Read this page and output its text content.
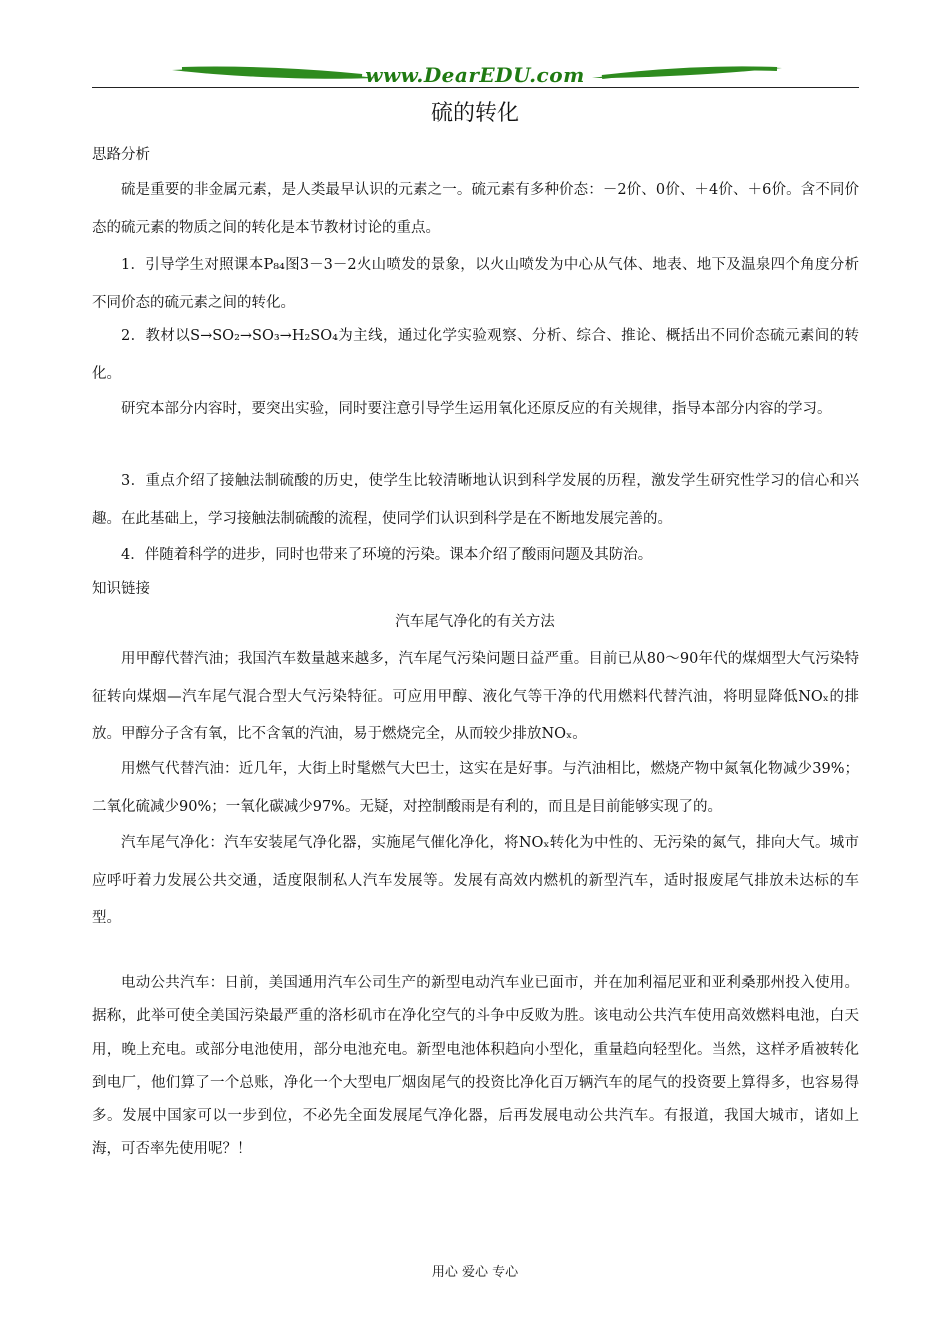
www.DearEDU.com
硫的转化
思路分析

硫是重要的非金属元素，是人类最早认识的元素之一。硫元素有多种价态：－2价、0价、＋4价、＋6价。含不同价态的硫元素的物质之间的转化是本节教材讨论的重点。

1．引导学生对照课本P₈₄图3－3－2火山喷发的景象，以火山喷发为中心从气体、地表、地下及温泉四个角度分析不同价态的硫元素之间的转化。

2．教材以S→SO₂→SO₃→H₂SO₄为主线，通过化学实验观察、分析、综合、推论、概括出不同价态硫元素间的转化。

研究本部分内容时，要突出实验，同时要注意引导学生运用氧化还原反应的有关规律，指导本部分内容的学习。

3．重点介绍了接触法制硫酸的历史，使学生比较清晰地认识到科学发展的历程，激发学生研究性学习的信心和兴趣。在此基础上，学习接触法制硫酸的流程，使同学们认识到科学是在不断地发展完善的。

4．伴随着科学的进步，同时也带来了环境的污染。课本介绍了酸雨问题及其防治。

知识链接
汽车尾气净化的有关方法

用甲醇代替汽油；我国汽车数量越来越多，汽车尾气污染问题日益严重。目前已从80～90年代的煤烟型大气污染特征转向煤烟—汽车尾气混合型大气污染特征。可应用甲醇、液化气等干净的代用燃料代替汽油，将明显降低NOₓ的排放。甲醇分子含有氧，比不含氧的汽油，易于燃烧完全，从而较少排放NOₓ。

用燃气代替汽油：近几年，大街上时髦燃气大巴士，这实在是好事。与汽油相比，燃烧产物中氮氧化物减少39%；二氧化硫减少90%；一氧化碳减少97%。无疑，对控制酸雨是有利的，而且是目前能够实现了的。

汽车尾气净化：汽车安装尾气净化器，实施尾气催化净化，将NOₓ转化为中性的、无污染的氮气，排向大气。城市应呼吁着力发展公共交通，适度限制私人汽车发展等。发展有高效内燃机的新型汽车，适时报废尾气排放未达标的车型。

电动公共汽车：日前，美国通用汽车公司生产的新型电动汽车业已面市，并在加利福尼亚和亚利桑那州投入使用。据称，此举可使全美国污染最严重的洛杉矶市在净化空气的斗争中反败为胜。该电动公共汽车使用高效燃料电池，白天用，晚上充电。或部分电池使用，部分电池充电。新型电池体积趋向小型化，重量趋向轻型化。当然，这样矛盾被转化到电厂，他们算了一个总账，净化一个大型电厂烟囱尾气的投资比净化百万辆汽车的尾气的投资要上算得多，也容易得多。发展中国家可以一步到位，不必先全面发展尾气净化器，后再发展电动公共汽车。有报道，我国大城市，诸如上海，可否率先使用呢？！

用心 爱心 专心
